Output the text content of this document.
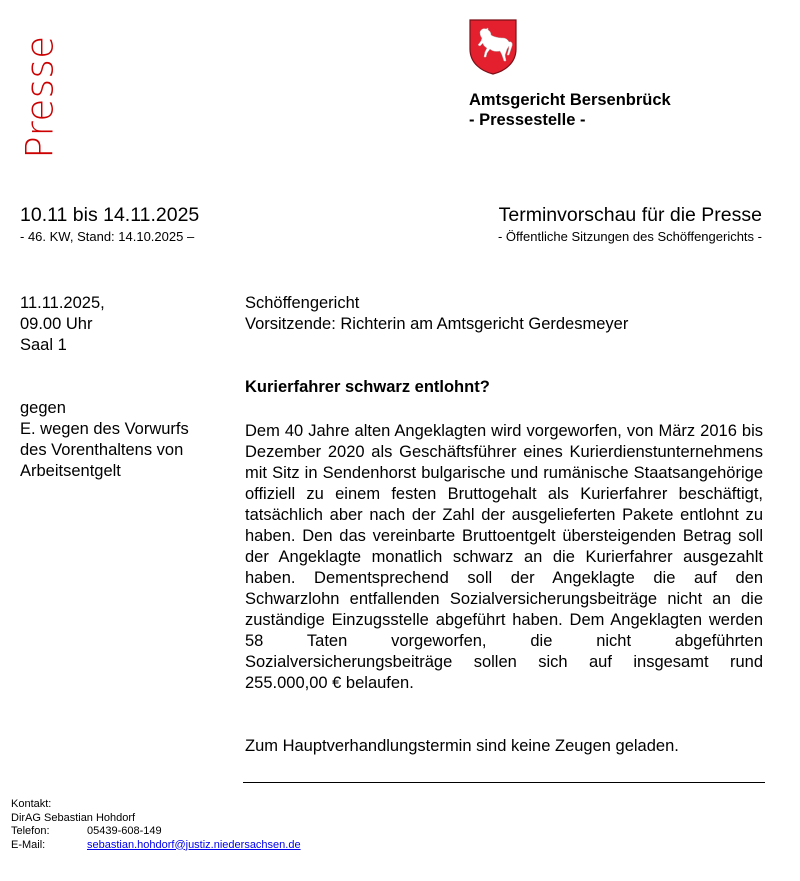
Presse	Amtsgericht Bersenbrück
- Pressestelle -
10.11 bis 14.11.2025
- 46. KW, Stand: 14.10.2025 –
Terminvorschau für die Presse
- Öffentliche Sitzungen des Schöffengerichts -
11.11.2025,
09.00 Uhr
Saal 1
gegen
E. wegen des Vorwurfs
des Vorenthaltens von
Arbeitsentgelt
Schöffengericht
Vorsitzende: Richterin am Amtsgericht Gerdesmeyer
Kurierfahrer schwarz entlohnt?
Dem 40 Jahre alten Angeklagten wird vorgeworfen, von März 2016 bis Dezember 2020 als Geschäftsführer eines Kurierdienstunternehmens mit Sitz in Sendenhorst bulgarische und rumänische Staatsangehörige offiziell zu einem festen Bruttogehalt als Kurierfahrer beschäftigt, tatsächlich aber nach der Zahl der ausgelieferten Pakete entlohnt zu haben. Den das vereinbarte Bruttoentgelt übersteigenden Betrag soll der Angeklagte monatlich schwarz an die Kurierfahrer ausgezahlt haben. Dementsprechend soll der Angeklagte die auf den Schwarzlohn entfallenden Sozialversicherungsbeiträge nicht an die zuständige Einzugsstelle abgeführt haben. Dem Angeklagten werden 58 Taten vorgeworfen, die nicht abgeführten Sozialversicherungsbeiträge sollen sich auf insgesamt rund 255.000,00 € belaufen.
Zum Hauptverhandlungstermin sind keine Zeugen geladen.
Kontakt:
DirAG Sebastian Hohdorf
Telefon:	05439-608-149
E-Mail:	sebastian.hohdorf@justiz.niedersachsen.de
